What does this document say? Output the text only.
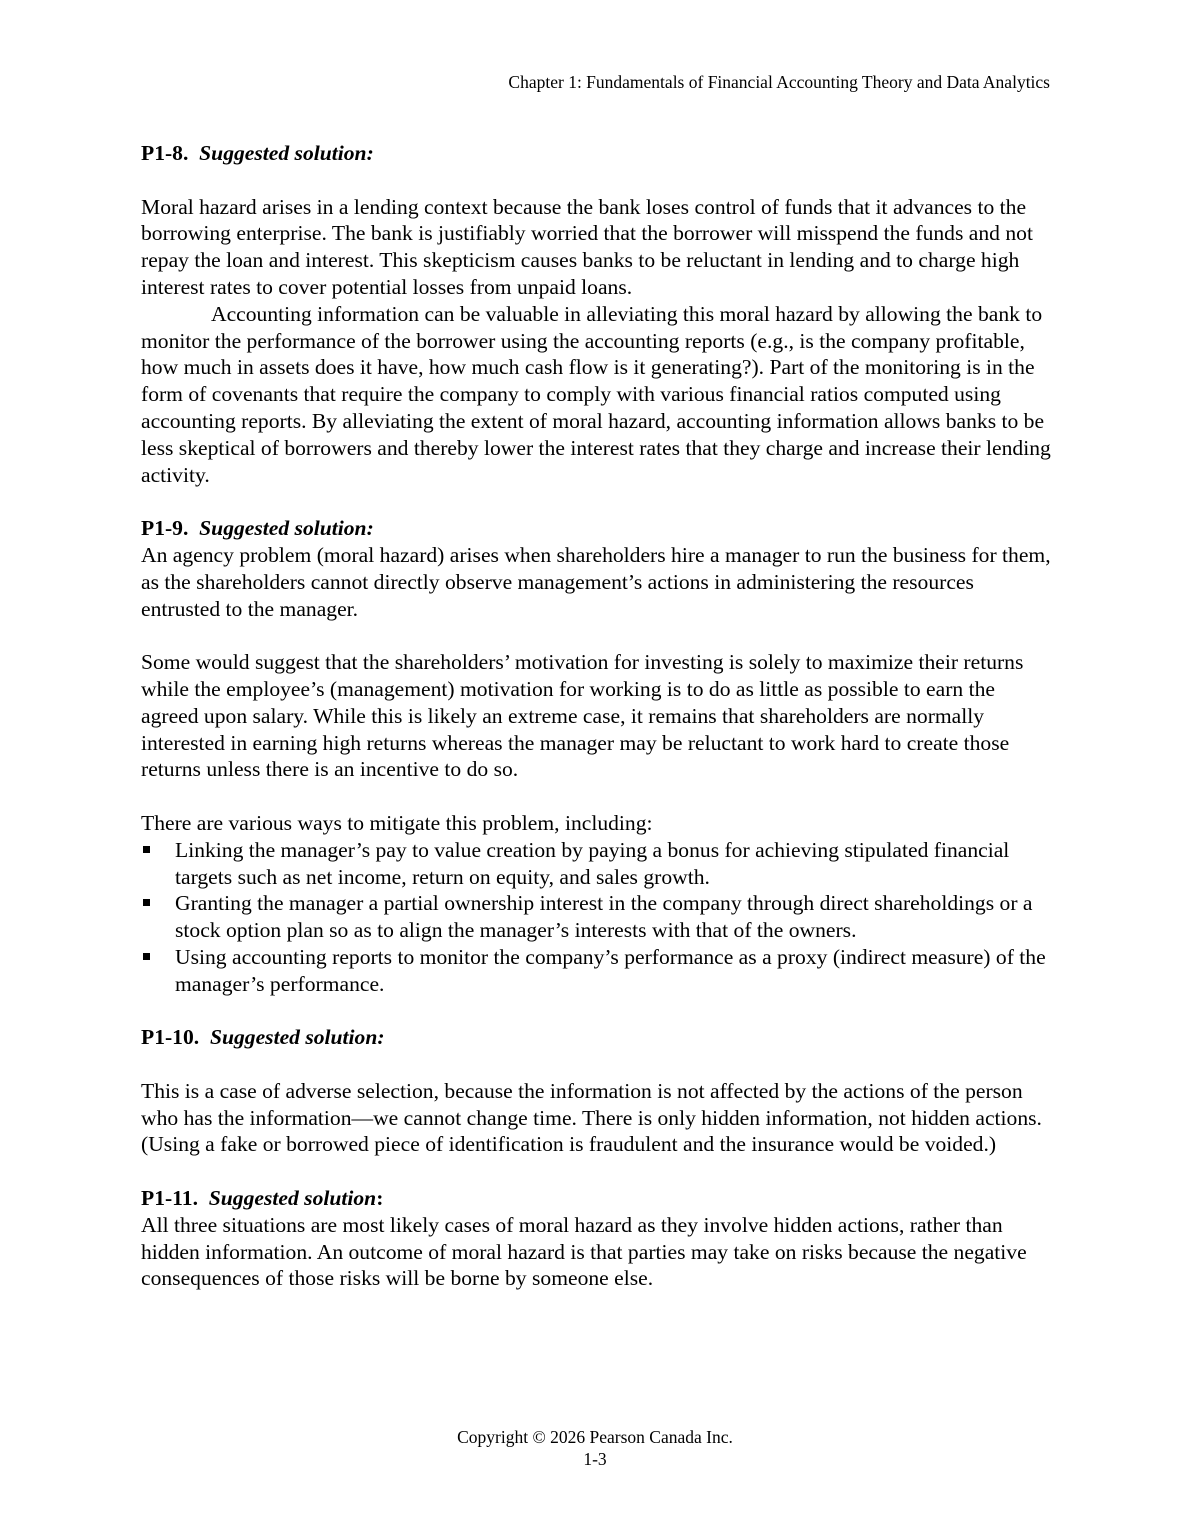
Chapter 1: Fundamentals of Financial Accounting Theory and Data Analytics

P1-8. Suggested solution:

Moral hazard arises in a lending context because the bank loses control of funds that it advances to the borrowing enterprise. The bank is justifiably worried that the borrower will misspend the funds and not repay the loan and interest. This skepticism causes banks to be reluctant in lending and to charge high interest rates to cover potential losses from unpaid loans.

Accounting information can be valuable in alleviating this moral hazard by allowing the bank to monitor the performance of the borrower using the accounting reports (e.g., is the company profitable, how much in assets does it have, how much cash flow is it generating?). Part of the monitoring is in the form of covenants that require the company to comply with various financial ratios computed using accounting reports. By alleviating the extent of moral hazard, accounting information allows banks to be less skeptical of borrowers and thereby lower the interest rates that they charge and increase their lending activity.

P1-9. Suggested solution:

An agency problem (moral hazard) arises when shareholders hire a manager to run the business for them, as the shareholders cannot directly observe management’s actions in administering the resources entrusted to the manager.

Some would suggest that the shareholders’ motivation for investing is solely to maximize their returns while the employee’s (management) motivation for working is to do as little as possible to earn the agreed upon salary. While this is likely an extreme case, it remains that shareholders are normally interested in earning high returns whereas the manager may be reluctant to work hard to create those returns unless there is an incentive to do so.

There are various ways to mitigate this problem, including:

Linking the manager’s pay to value creation by paying a bonus for achieving stipulated financial targets such as net income, return on equity, and sales growth.
Granting the manager a partial ownership interest in the company through direct shareholdings or a stock option plan so as to align the manager’s interests with that of the owners.
Using accounting reports to monitor the company’s performance as a proxy (indirect measure) of the manager’s performance.

P1-10. Suggested solution:

This is a case of adverse selection, because the information is not affected by the actions of the person who has the information—we cannot change time. There is only hidden information, not hidden actions. (Using a fake or borrowed piece of identification is fraudulent and the insurance would be voided.)

P1-11. Suggested solution:

All three situations are most likely cases of moral hazard as they involve hidden actions, rather than hidden information. An outcome of moral hazard is that parties may take on risks because the negative consequences of those risks will be borne by someone else.

Copyright © 2026 Pearson Canada Inc.
1-3
